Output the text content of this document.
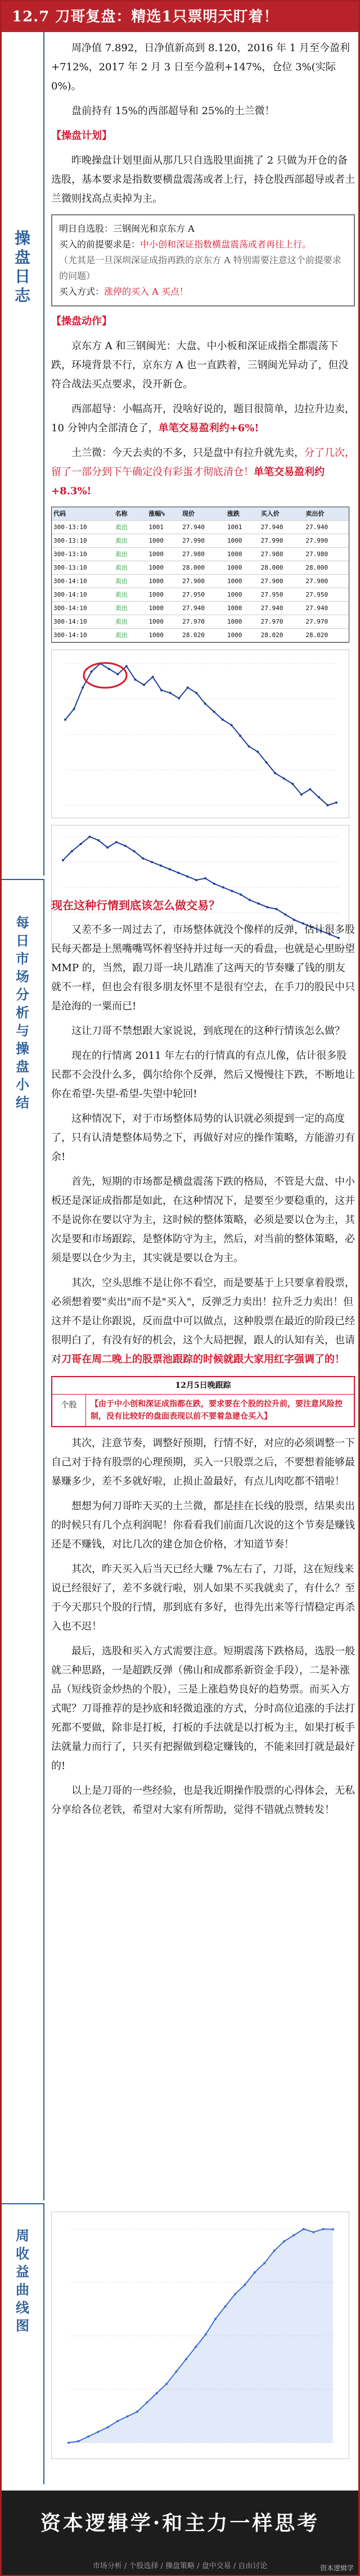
12.7 刀哥复盘：精选1只票明天盯着！
操盘日志

周净值 7.892，日净值新高到 8.120，2016 年 1 月至今盈利+712%，2017 年 2 月 3 日至今盈利+147%，仓位 3%(实际 0%)。

盘前持有 15%的西部超导和 25%的土兰微！

【操盘计划】

昨晚操盘计划里面从那几只自选股里面挑了 2 只做为开仓的备选股，基本要求是指数要横盘震荡或者上行，持仓股西部超导或者土兰微则找高点卖掉为主。

明日自选股：三钢闽光和京东方 A
买入的前提要求是：中小创和深证指数横盘震荡或者再往上行。
（尤其是一旦深圳深证成指再跌的京东方 A 特别需要注意这个前提要求的问题）
买入方式：涨停的买入 A 买点！

【操盘动作】

京东方 A 和三钢闽光：大盘、中小板和深证成指全都震荡下跌，环境背景不行，京东方 A 也一直跌着，三钢闽光异动了，但没符合战法买点要求，没开新仓。

西部超导：小幅高开，没啥好说的，题目很简单，边拉升边卖，10 分钟内全部清仓了，单笔交易盈利约+6%!

土兰微：今天去卖的不多，只是盘中有拉升就先卖，分了几次，留了一部分到下午确定没有彩蛋才彻底清仓！单笔交易盈利约+8.3%!

代码	名称	涨幅%	现价	涨跌	买入价	卖出价
300-13:10	卖出	1001	27.940	1001	27.940	27.940
300-13:10	卖出	1000	27.990	1000	27.990	27.990
300-13:10	卖出	1000	27.980	1000	27.980	27.980
300-13:10	卖出	1000	28.000	1000	28.000	28.000
300-14:10	卖出	1000	27.900	1000	27.900	27.900
300-14:10	卖出	1000	27.950	1000	27.950	27.950
300-14:10	卖出	1000	27.940	1000	27.940	27.940
300-14:10	卖出	1000	27.970	1000	27.970	27.970
300-14:10	卖出	1000	28.020	1000	28.020	28.020
每日市场分析与操盘小结

现在这种行情到底该怎么做交易？

又差不多一周过去了，市场整体就没个像样的反弹，估计很多股民每天都是上黑嘴嘴骂怀着坚持并过每一天的看盘，也就是心里盼望 MMP 的，当然，跟刀哥一块儿踏准了这两天的节奏赚了钱的朋友就不一样，但也会有很多朋友怀里不是很有空去，在手刀的股民中只是沧海的一粟而已!

这让刀哥不禁想跟大家说说，到底现在的这种行情该怎么做？

现在的行情离 2011 年左右的行情真的有点儿像，估计很多股民都不会没什么多，偶尔给你个反弹，然后又慢慢往下跌，不断地让你在希望-失望-希望-失望中轮回!

这种情况下，对于市场整体局势的认识就必须提到一定的高度了，只有认清楚整体局势之下，再做好对应的操作策略，方能游刃有余!

首先，短期的市场都是横盘震荡下跌的格局，不管是大盘、中小板还是深证成指都是如此，在这种情况下，是要至少要稳重的，这并不是说你在要以守为主，这时候的整体策略，必须是要以仓为主，其次是要和市场跟踪，是整体防守为主，然后，对当前的整体策略，必须是要以仓少为主，其实就是要以仓为主。

其次，空头思维不是让你不看空，而是要基于上只要拿着股票，必须想着要"卖出"而不是"买入"，反弹乏力卖出！拉升乏力卖出！但这并不是让你跟说，反而盘中可以做点，这种股票在最近的阶段已经很明白了，有没有好的机会，这个大局把握，跟人的认知有关，也请对刀哥在周二晚上的股票池跟踪的时候就跟大家用红字强调了的！

12月5日晚跟踪
个股	【由于中小创和深证成指都在跌，要求要在个股的拉升前，要注意风险控制，没有比较好的盘面表现以前不要着急建仓买入】

其次，注意节奏，调整好预期，行情不好，对应的必须调整一下自己对于持有股票的心理预期，买入一只股票之后，不要想着能够最暴赚多少，差不多就好啦，止损止盈最好，有点儿肉吃都不错啦！

想想为何刀哥昨天买的土兰微，都是挂在长线的股票，结果卖出的时候只有几个点利润呢！你看看我们前面几次说的这个节奏是赚钱还是不赚钱，对比几次的建仓加仓价格，才知道节奏！

其次，昨天买入后当天已经大赚 7%左右了，刀哥，这在短线来说已经很好了，差不多就行啦，别人如果不买我就卖了，有什么？至于今天那只个股的行情，那到底有多好，也得先出来等行情稳定再杀入也不迟！

最后，选股和买入方式需要注意。短期震荡下跌格局，选股一般就三种思路，一是超跌反弹（佛山和成都系新资金手段），二是补涨品（短线资金炒热的个股），三是上涨趋势良好的趋势票。而买入方式呢？刀哥推荐的是抄底和轻微追涨的方式，分时高位追涨的手法打死都不要做，除非是打板，打板的手法就是以打板为主，如果打板手法就量力而行了，只买有把握做到稳定赚钱的，不能来回打就是最好的!

以上是刀哥的一些经验，也是我近期操作股票的心得体会，无私分享给各位老铁，希望对大家有所帮助，觉得不错就点赞转发！

周收益曲线图
资本逻辑学·和主力一样思考
市场分析 / 个股选择 / 操盘策略 / 盘中交易 / 自由讨论	资本逻辑学
